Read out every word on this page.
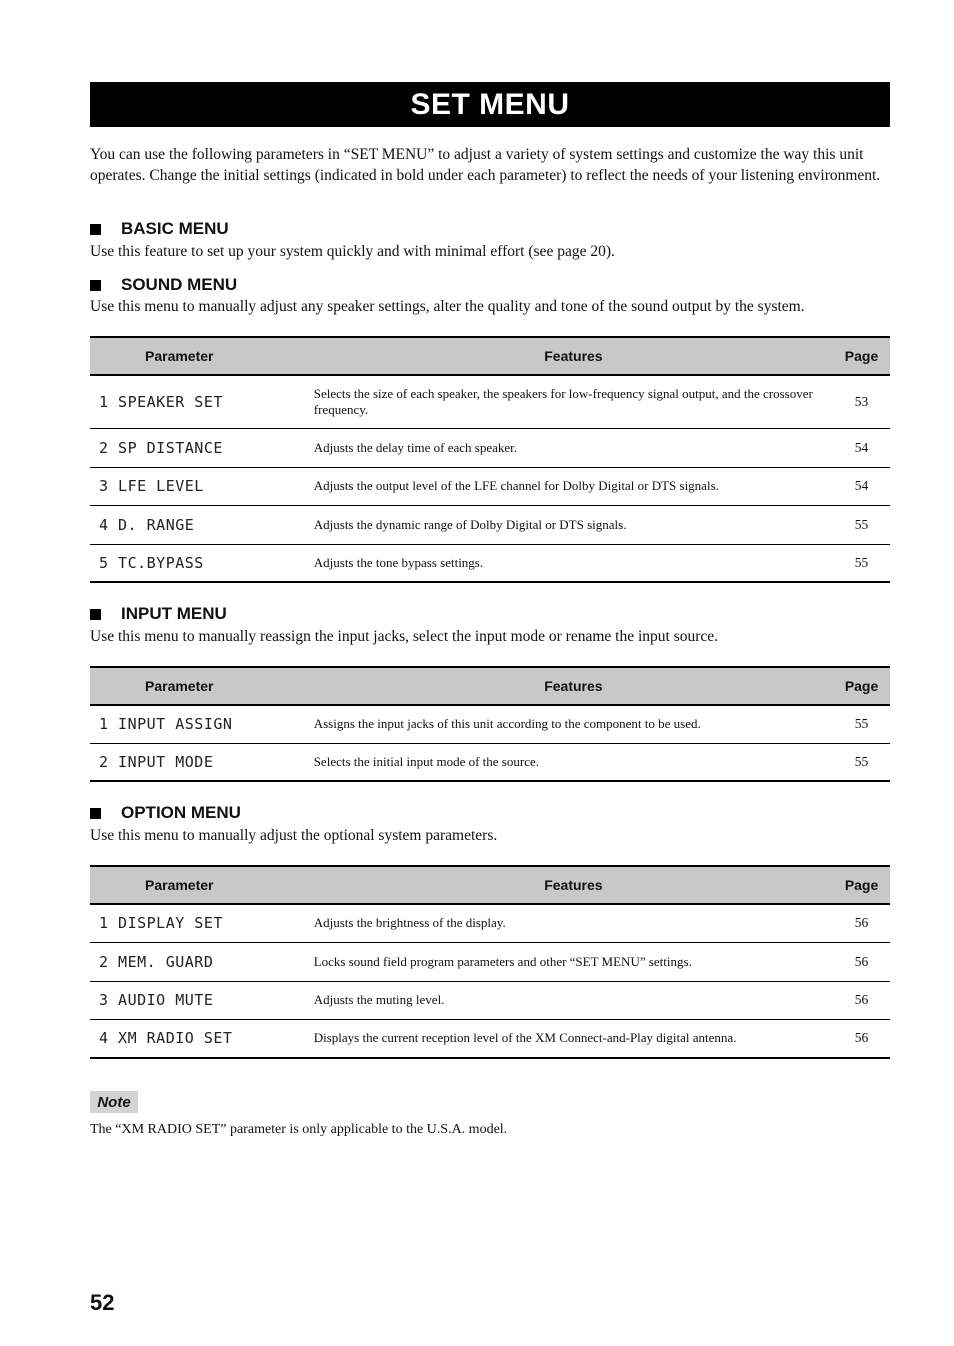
SET MENU
You can use the following parameters in “SET MENU” to adjust a variety of system settings and customize the way this unit operates. Change the initial settings (indicated in bold under each parameter) to reflect the needs of your listening environment.
BASIC MENU
Use this feature to set up your system quickly and with minimal effort (see page 20).
SOUND MENU
Use this menu to manually adjust any speaker settings, alter the quality and tone of the sound output by the system.
Parameter	Features	Page
1 SPEAKER SET	Selects the size of each speaker, the speakers for low-frequency signal output, and the crossover frequency.	53
2 SP DISTANCE	Adjusts the delay time of each speaker.	54
3 LFE LEVEL	Adjusts the output level of the LFE channel for Dolby Digital or DTS signals.	54
4 D. RANGE	Adjusts the dynamic range of Dolby Digital or DTS signals.	55
5 TC.BYPASS	Adjusts the tone bypass settings.	55
INPUT MENU
Use this menu to manually reassign the input jacks, select the input mode or rename the input source.
Parameter	Features	Page
1 INPUT ASSIGN	Assigns the input jacks of this unit according to the component to be used.	55
2 INPUT MODE	Selects the initial input mode of the source.	55
OPTION MENU
Use this menu to manually adjust the optional system parameters.
Parameter	Features	Page
1 DISPLAY SET	Adjusts the brightness of the display.	56
2 MEM. GUARD	Locks sound field program parameters and other “SET MENU” settings.	56
3 AUDIO MUTE	Adjusts the muting level.	56
4 XM RADIO SET	Displays the current reception level of the XM Connect-and-Play digital antenna.	56
Note
The “XM RADIO SET” parameter is only applicable to the U.S.A. model.
52
